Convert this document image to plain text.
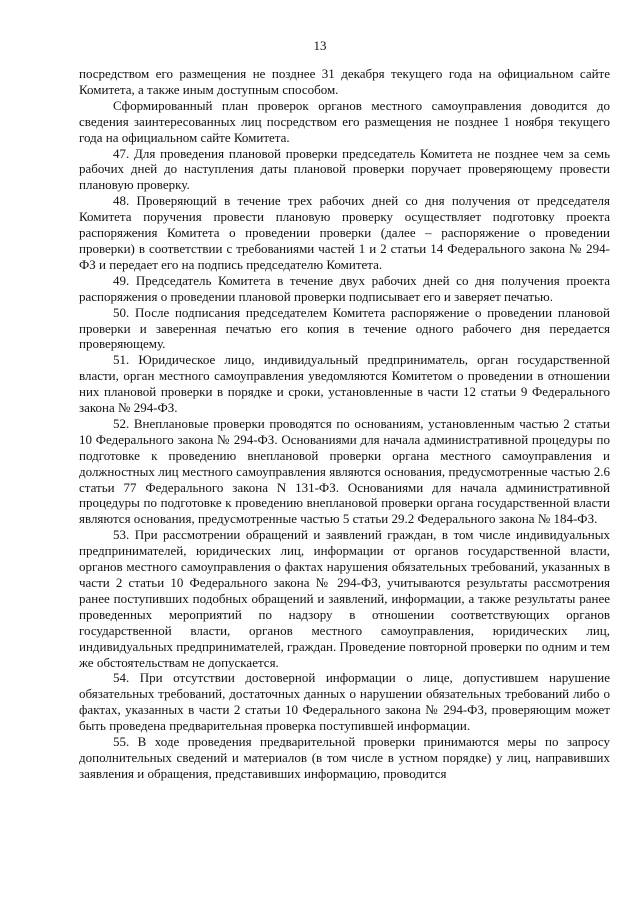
13

посредством его размещения не позднее 31 декабря текущего года на официальном сайте Комитета, а также иным доступным способом.

Сформированный план проверок органов местного самоуправления доводится до сведения заинтересованных лиц посредством его размещения не позднее 1 ноября текущего года на официальном сайте Комитета.

47. Для проведения плановой проверки председатель Комитета не позднее чем за семь рабочих дней до наступления даты плановой проверки поручает проверяющему провести плановую проверку.

48. Проверяющий в течение трех рабочих дней со дня получения от председателя Комитета поручения провести плановую проверку осуществляет подготовку проекта распоряжения Комитета о проведении проверки (далее – распоряжение о проведении проверки) в соответствии с требованиями частей 1 и 2 статьи 14 Федерального закона № 294-ФЗ и передает его на подпись председателю Комитета.

49. Председатель Комитета в течение двух рабочих дней со дня получения проекта распоряжения о проведении плановой проверки подписывает его и заверяет печатью.

50. После подписания председателем Комитета распоряжение о проведении плановой проверки и заверенная печатью его копия в течение одного рабочего дня передается проверяющему.

51. Юридическое лицо, индивидуальный предприниматель, орган государственной власти, орган местного самоуправления уведомляются Комитетом о проведении в отношении них плановой проверки в порядке и сроки, установленные в части 12 статьи 9 Федерального закона № 294-ФЗ.

52. Внеплановые проверки проводятся по основаниям, установленным частью 2 статьи 10 Федерального закона № 294-ФЗ. Основаниями для начала административной процедуры по подготовке к проведению внеплановой проверки органа местного самоуправления и должностных лиц местного самоуправления являются основания, предусмотренные частью 2.6 статьи 77 Федерального закона N 131-ФЗ. Основаниями для начала административной процедуры по подготовке к проведению внеплановой проверки органа государственной власти являются основания, предусмотренные частью 5 статьи 29.2 Федерального закона № 184-ФЗ.

53. При рассмотрении обращений и заявлений граждан, в том числе индивидуальных предпринимателей, юридических лиц, информации от органов государственной власти, органов местного самоуправления о фактах нарушения обязательных требований, указанных в части 2 статьи 10 Федерального закона № 294-ФЗ, учитываются результаты рассмотрения ранее поступивших подобных обращений и заявлений, информации, а также результаты ранее проведенных мероприятий по надзору в отношении соответствующих органов государственной власти, органов местного самоуправления, юридических лиц, индивидуальных предпринимателей, граждан. Проведение повторной проверки по одним и тем же обстоятельствам не допускается.

54. При отсутствии достоверной информации о лице, допустившем нарушение обязательных требований, достаточных данных о нарушении обязательных требований либо о фактах, указанных в части 2 статьи 10 Федерального закона № 294-ФЗ, проверяющим может быть проведена предварительная проверка поступившей информации.

55. В ходе проведения предварительной проверки принимаются меры по запросу дополнительных сведений и материалов (в том числе в устном порядке) у лиц, направивших заявления и обращения, представивших информацию, проводится
